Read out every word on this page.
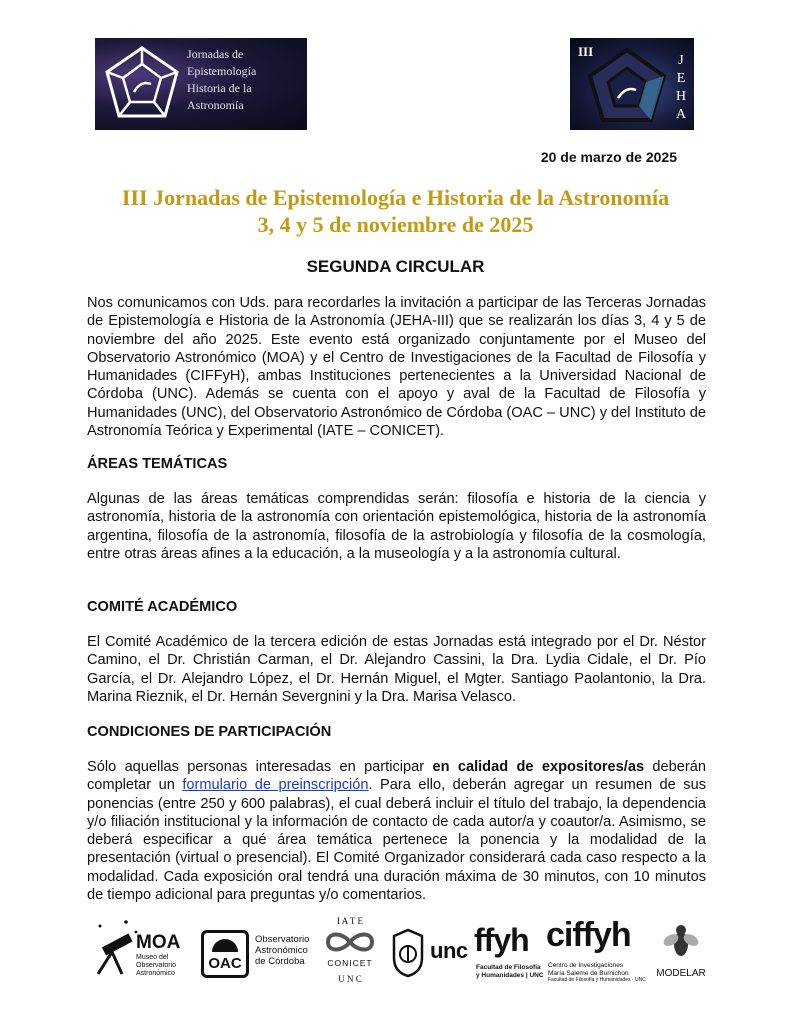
Jornadas de
Epistemología
Historia de la
Astronomía
III
J
E
H
A
20 de marzo de 2025
III Jornadas de Epistemología e Historia de la Astronomía
3, 4 y 5 de noviembre de 2025
SEGUNDA CIRCULAR
Nos comunicamos con Uds. para recordarles la invitación a participar de las Terceras Jornadas de Epistemología e Historia de la Astronomía (JEHA-III) que se realizarán los días 3, 4 y 5 de noviembre del año 2025. Este evento está organizado conjuntamente por el Museo del Observatorio Astronómico (MOA) y el Centro de Investigaciones de la Facultad de Filosofía y Humanidades (CIFFyH), ambas Instituciones pertenecientes a la Universidad Nacional de Córdoba (UNC). Además se cuenta con el apoyo y aval de la Facultad de Filosofía y Humanidades (UNC), del Observatorio Astronómico de Córdoba (OAC – UNC) y del Instituto de Astronomía Teórica y Experimental (IATE – CONICET).
ÁREAS TEMÁTICAS
Algunas de las áreas temáticas comprendidas serán: filosofía e historia de la ciencia y astronomía, historia de la astronomía con orientación epistemológica, historia de la astronomía argentina, filosofía de la astronomía, filosofía de la astrobiología y filosofía de la cosmología, entre otras áreas afines a la educación, a la museología y a la astronomía cultural.
COMITÉ ACADÉMICO
El Comité Académico de la tercera edición de estas Jornadas está integrado por el Dr. Néstor Camino, el Dr. Christián Carman, el Dr. Alejandro Cassini, la Dra. Lydia Cidale, el Dr. Pío García, el Dr. Alejandro López, el Dr. Hernán Miguel, el Mgter. Santiago Paolantonio, la Dra. Marina Rieznik, el Dr. Hernán Severgnini y la Dra. Marisa Velasco.
CONDICIONES DE PARTICIPACIÓN
Sólo aquellas personas interesadas en participar en calidad de expositores/as deberán completar un formulario de preinscripción. Para ello, deberán agregar un resumen de sus ponencias (entre 250 y 600 palabras), el cual deberá incluir el título del trabajo, la dependencia y/o filiación institucional y la información de contacto de cada autor/a y coautor/a. Asimismo, se deberá especificar a qué área temática pertenece la ponencia y la modalidad de la presentación (virtual o presencial). El Comité Organizador considerará cada caso respecto a la modalidad. Cada exposición oral tendrá una duración máxima de 30 minutos, con 10 minutos de tiempo adicional para preguntas y/o comentarios.
MOA
Museo del
Observatorio
Astronómico
OAC
Observatorio
Astronómico
de Córdoba
I A T E
CONICET
U N C
unc ffyh
Facultad de Filosofía
y Humanidades | UNC
ciffyh
Centro de Investigaciones
María Saleme de Burnichon
Facultad de Filosofía y Humanidades · UNC
MODELAR
